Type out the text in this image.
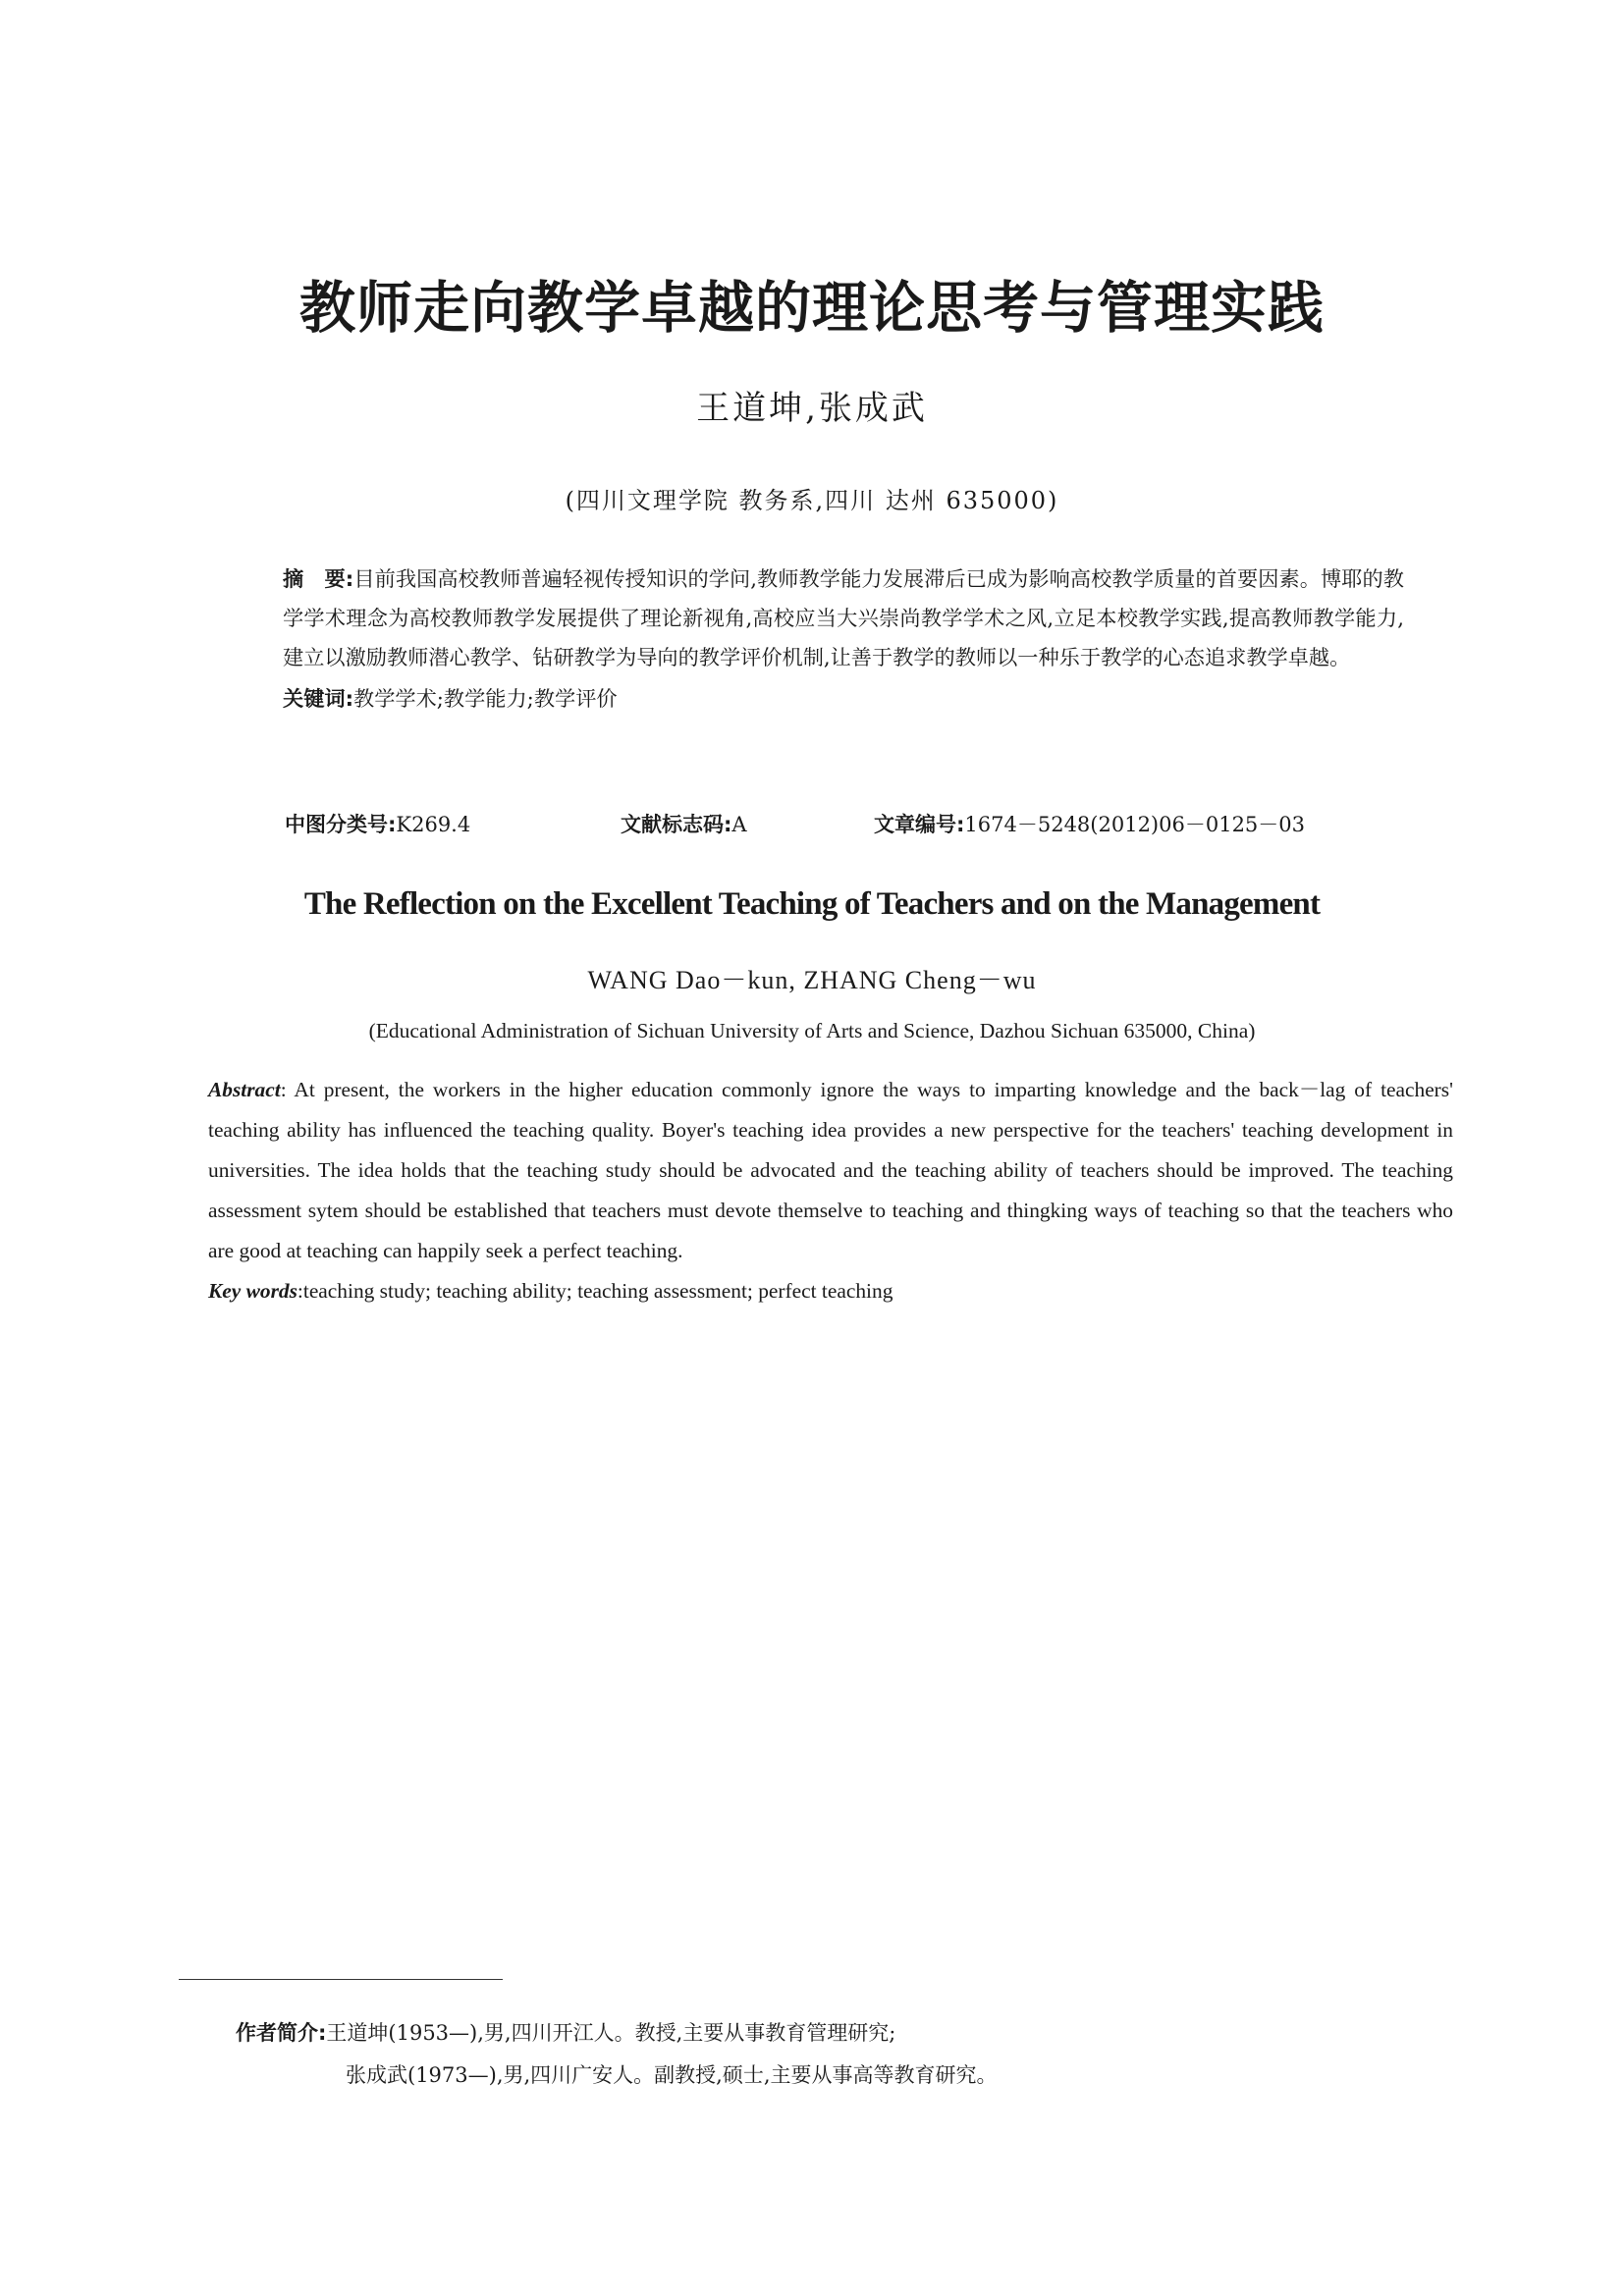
教师走向教学卓越的理论思考与管理实践
王道坤,张成武
(四川文理学院 教务系,四川 达州 635000)

摘　要:目前我国高校教师普遍轻视传授知识的学问,教师教学能力发展滞后已成为影响高校教学质量的首要因素。博耶的教学学术理念为高校教师教学发展提供了理论新视角,高校应当大兴崇尚教学学术之风,立足本校教学实践,提高教师教学能力,建立以激励教师潜心教学、钻研教学为导向的教学评价机制,让善于教学的教师以一种乐于教学的心态追求教学卓越。

关键词:教学学术;教学能力;教学评价

中图分类号:K269.4	文献标志码:A	文章编号:1674－5248(2012)06－0125－03
The Reflection on the Excellent Teaching of Teachers and on the Management
WANG Dao－kun, ZHANG Cheng－wu
(Educational Administration of Sichuan University of Arts and Science, Dazhou Sichuan 635000, China)

Abstract: At present, the workers in the higher education commonly ignore the ways to imparting knowledge and the back－lag of teachers' teaching ability has influenced the teaching quality. Boyer's teaching idea provides a new perspective for the teachers' teaching development in universities. The idea holds that the teaching study should be advocated and the teaching ability of teachers should be improved. The teaching assessment sytem should be established that teachers must devote themselve to teaching and thingking ways of teaching so that the teachers who are good at teaching can happily seek a perfect teaching.

Key words:teaching study; teaching ability; teaching assessment; perfect teaching

作者简介:王道坤(1953—),男,四川开江人。教授,主要从事教育管理研究;
张成武(1973—),男,四川广安人。副教授,硕士,主要从事高等教育研究。
